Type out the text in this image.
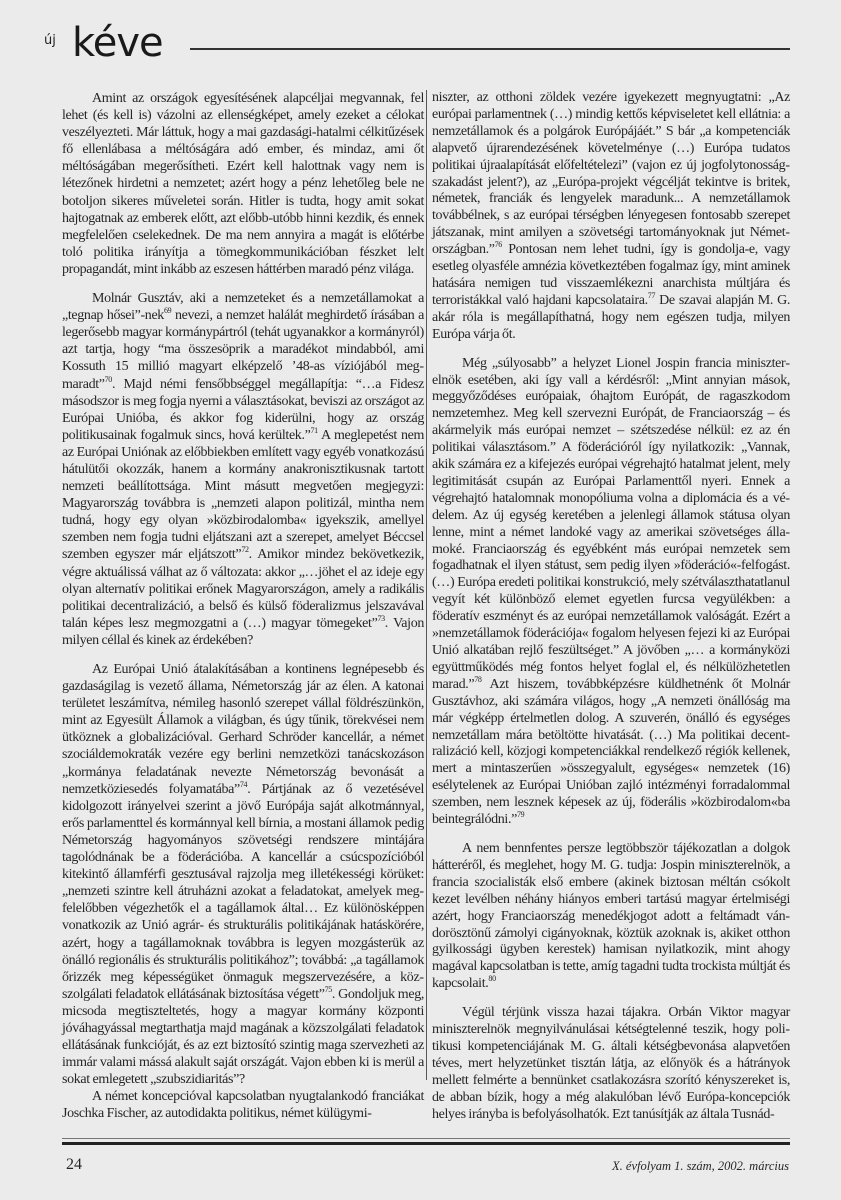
új kéve

Amint az országok egyesítésének alapcéljai megvannak, fel lehet (és kell is) vázolni az ellenségképet, amely ezeket a célokat veszélyezteti. Már láttuk, hogy a mai gazdasági-hatalmi célkitűzések fő ellenlábasa a méltóságára adó ember, és mindaz, ami őt méltóságában megerősítheti. Ezért kell halottnak vagy nem is létezőnek hirdetni a nemzetet; azért hogy a pénz lehetőleg bele ne botoljon sikeres műveletei során. Hitler is tudta, hogy amit sokat hajtogatnak az emberek előtt, azt előbb-utóbb hinni kezdik, és ennek megfelelően cselekednek. De ma nem annyira a magát is előtérbe toló politika irányítja a tömegkommunikációban fészket lelt propagandát, mint inkább az eszesen háttérben maradó pénz világa.

Molnár Gusztáv, aki a nemzeteket és a nemzetállamokat a „tegnap hősei”-nek$^{69}$ nevezi, a nemzet halálát meghirdető írásában a legerősebb magyar kormánypártról (tehát ugyanakkor a kormányról) azt tartja, hogy “ma összesöprik a maradékot mindabból, ami Kossuth 15 millió magyart elképzelő ’48-as víziójából megmaradt”$^{70}$. Majd némi fensőbbséggel megállapítja: “…a Fidesz másodszor is meg fogja nyerni a választásokat, beviszi az országot az Európai Unióba, és akkor fog kiderülni, hogy az ország politikusainak fogalmuk sincs, hová kerültek.”$^{71}$ A meglepetést nem az Európai Uniónak az előbbiekben említett vagy egyéb vonatkozású hátulütői okozzák, hanem a kormány anakronisztikusnak tartott nemzeti beállítottsága. Mint másutt megvetően megjegyzi: Magyarország továbbra is „nemzeti alapon politizál, mintha nem tudná, hogy egy olyan »közbirodalomba« igyekszik, amellyel szemben nem fogja tudni eljátszani azt a szerepet, amelyet Béccsel szemben egyszer már eljátszott”$^{72}$. Amikor mindez bekövetkezik, végre aktuálissá válhat az ő változata: akkor „…jöhet el az ideje egy olyan alternatív politikai erőnek Magyarországon, amely a radikális politikai decentralizáció, a belső és külső föderalizmus jelszavával talán képes lesz megmozgatni a (…) magyar tömegeket”$^{73}$. Vajon milyen céllal és kinek az érdekében?

Az Európai Unió átalakításában a kontinens legnépesebb és gazdaságilag is vezető állama, Németország jár az élen. A katonai területet leszámítva, némileg hasonló szerepet vállal földrészünkön, mint az Egyesült Államok a világban, és úgy tűnik, törekvései nem ütköznek a globalizációval. Gerhard Schröder kancellár, a német szociáldemokraták vezére egy berlini nemzetközi tanácskozáson „kormánya feladatának nevezte Németország bevonását a nemzetköziesedés folyamatába”$^{74}$. Pártjának az ő vezetésével kidolgozott irányelvei szerint a jövő Európája saját alkotmánnyal, erős parlamenttel és kormánnyal kell bírnia, a mostani államok pedig Németország hagyományos szövetségi rendszere mintájára tagolódnának be a föderációba. A kancellár a csúcspozícióból kitekintő államférfi gesztusával rajzolja meg illetékességi körüket: „nemzeti szintre kell átruházni azokat a feladatokat, amelyek megfelelőbben végezhetők el a tagállamok által… Ez különösképpen vonatkozik az Unió agrár- és strukturális politikájának hatáskörére, azért, hogy a tagállamoknak továbbra is legyen mozgásterük az önálló regionális és strukturális politikához”; továbbá: „a tagállamok őrizzék meg képességüket önmaguk megszervezésére, a közszolgálati feladatok ellátásának biztosítása végett”$^{75}$. Gondoljuk meg, micsoda megtiszteltetés, hogy a magyar kormány központi jóváhagyással megtarthatja majd magának a közszolgálati feladatok ellátásának funkcióját, és az ezt biztosító szintig maga szervezheti az immár valami mássá alakult saját országát. Vajon ebben ki is merül a sokat emlegetett „szubszidiaritás”?

A német koncepcióval kapcsolatban nyugtalankodó franciákat Joschka Fischer, az autodidakta politikus, német külügymi-

niszter, az otthoni zöldek vezére igyekezett megnyugtatni: „Az európai parlamentnek (…) mindig kettős képviseletet kell ellátnia: a nemzetállamok és a polgárok Európájáét.” S bár „a kompetenciák alapvető újrarendezésének követelménye (…) Európa tudatos politikai újraalapítását előfeltételezi” (vajon ez új jogfolytonosságszakadást jelent?), az „Európa-projekt végcélját tekintve is britek, németek, franciák és lengyelek maradunk... A nemzetállamok továbbélnek, s az európai térségben lényegesen fontosabb szerepet játszanak, mint amilyen a szövetségi tartományoknak jut Németországban.”$^{76}$ Pontosan nem lehet tudni, így is gondolja-e, vagy esetleg olyasféle amnézia következtében fogalmaz így, mint aminek hatására nemigen tud visszaemlékezni anarchista múltjára és terroristákkal való hajdani kapcsolataira.$^{77}$ De szavai alapján M. G. akár róla is megállapíthatná, hogy nem egészen tudja, milyen Európa várja őt.

Még „súlyosabb” a helyzet Lionel Jospin francia miniszterelnök esetében, aki így vall a kérdésről: „Mint annyian mások, meggyőződéses európaiak, óhajtom Európát, de ragaszkodom nemzetemhez. Meg kell szervezni Európát, de Franciaország – és akármelyik más európai nemzet – szétszedése nélkül: ez az én politikai választásom.” A föderációról így nyilatkozik: „Vannak, akik számára ez a kifejezés európai végrehajtó hatalmat jelent, mely legitimitását csupán az Európai Parlamenttől nyeri. Ennek a végrehajtó hatalomnak monopóliuma volna a diplomácia és a védelem. Az új egység keretében a jelenlegi államok státusa olyan lenne, mint a német landoké vagy az amerikai szövetséges államoké. Franciaország és egyébként más európai nemzetek sem fogadhatnak el ilyen státust, sem pedig ilyen »föderáció«-felfogást. (…) Európa eredeti politikai konstrukció, mely szétválaszthatatlanul vegyít két különböző elemet egyetlen furcsa vegyülékben: a föderatív eszményt és az európai nemzetállamok valóságát. Ezért a »nemzetállamok föderációja« fogalom helyesen fejezi ki az Európai Unió alkatában rejlő feszültséget.” A jövőben „… a kormányközi együttműködés még fontos helyet foglal el, és nélkülözhetetlen marad.”$^{78}$ Azt hiszem, továbbképzésre küldhetnénk őt Molnár Gusztávhoz, aki számára világos, hogy „A nemzeti önállóság ma már végképp értelmetlen dolog. A szuverén, önálló és egységes nemzetállam mára betöltötte hivatását. (…) Ma politikai decentralizáció kell, közjogi kompetenciákkal rendelkező régiók kellenek, mert a mintaszerűen »összegyalult, egységes« nemzetek (16) esélytelenek az Európai Unióban zajló intézményi forradalommal szemben, nem lesznek képesek az új, föderális »közbirodalom«ba beintegrálódni.”$^{79}$

A nem bennfentes persze legtöbbször tájékozatlan a dolgok hátteréről, és meglehet, hogy M. G. tudja: Jospin miniszterelnök, a francia szocialisták első embere (akinek biztosan méltán csókolt kezet levélben néhány hiányos emberi tartású magyar értelmiségi azért, hogy Franciaország menedékjogot adott a feltámadt vándorösztönű zámolyi cigányoknak, köztük azoknak is, akiket otthon gyilkossági ügyben kerestek) hamisan nyilatkozik, mint ahogy magával kapcsolatban is tette, amíg tagadni tudta trockista múltját és kapcsolait.$^{80}$

Végül térjünk vissza hazai tájakra. Orbán Viktor magyar miniszterelnök megnyilvánulásai kétségtelenné teszik, hogy politikusi kompetenciájának M. G. általi kétségbevonása alapvetően téves, mert helyzetünket tisztán látja, az előnyök és a hátrányok mellett felmérte a bennünket csatlakozásra szorító kényszereket is, de abban bízik, hogy a még alakulóban lévő Európa-koncepciók helyes irányba is befolyásolhatók. Ezt tanúsítják az általa Tusnád-

24	X. évfolyam 1. szám, 2002. március
